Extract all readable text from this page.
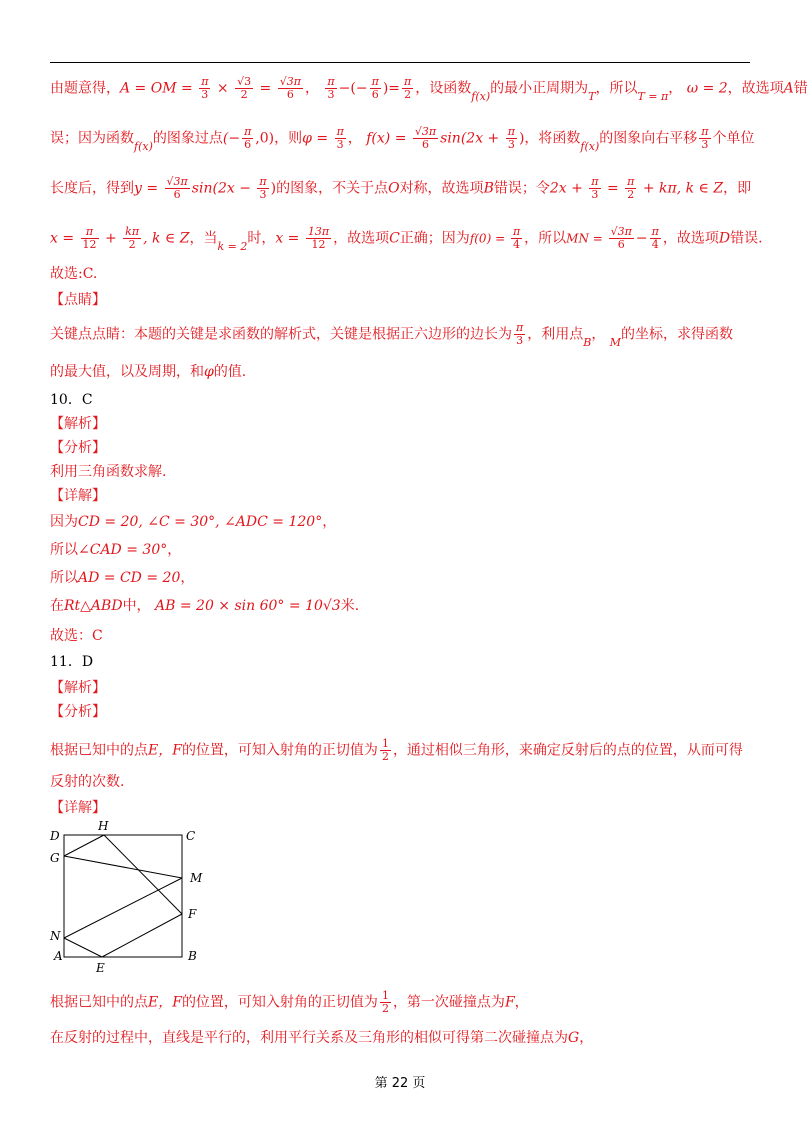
由题意得，A = OM = $\frac{\pi}{3} \times \frac{√3}{2} = \frac{√3\pi}{6}$ ， $\frac{\pi}{3}$ −(− $\frac{\pi}{6}$ )= $\frac{\pi}{2}$ ，设函数$_{f(x)}$的最小正周期为$_T$，所以$_{T = \pi}$， ω = 2，故选项A错
误；因为函数$_{f(x)}$的图象过点(− $\frac{\pi}{6} ,0$)，则$\varphi = \frac{\pi}{3}$ ， $f(x) = \frac{√3\pi}{6} \sin(2x + \frac{\pi}{3}$ )，将函数$_{f(x)}$的图象向右平移 $\frac{\pi}{3}$ 个单位
长度后，得到$y = \frac{√3\pi}{6} \sin(2x - \frac{\pi}{3}$ )的图象，不关于点O对称，故选项B错误；令$2x + \frac{\pi}{3} = \frac{\pi}{2} + k\pi$, k ∈ Z，即
$x = \frac{\pi}{12} + \frac{k\pi}{2}$ , k ∈ Z，当$_{k = 2}$时，$x = \frac{13\pi}{12}$ ，故选项C正确；因为$f(0) = \frac{\pi}{4}$ ，所以MN = $\frac{√3\pi}{6} - \frac{\pi}{4}$ ，故选项D错误.
故选:C.
【点睛】
关键点点睛：本题的关键是求函数的解析式，关键是根据正六边形的边长为 $\frac{\pi}{3}$ ，利用点$_B$， $_M$的坐标，求得函数
的最大值，以及周期，和φ的值.
10．C
【解析】
【分析】
利用三角函数求解.
【详解】
因为CD = 20, ∠C = 30°, ∠ADC = 120°，
所以∠CAD = 30°，
所以AD = CD = 20，
在Rt△ABD中， AB = 20 × sin 60° = 10√3米.
故选：C
11．D
【解析】
【分析】
根据已知中的点E，F的位置，可知入射角的正切值为 $\frac{1}{2}$ ，通过相似三角形，来确定反射后的点的位置，从而可得
反射的次数.
【详解】
D
H
C
G
M
F
N
A
E
B
根据已知中的点E，F的位置，可知入射角的正切值为 $\frac{1}{2}$ ，第一次碰撞点为F，
在反射的过程中，直线是平行的，利用平行关系及三角形的相似可得第二次碰撞点为G，
第 22 页
